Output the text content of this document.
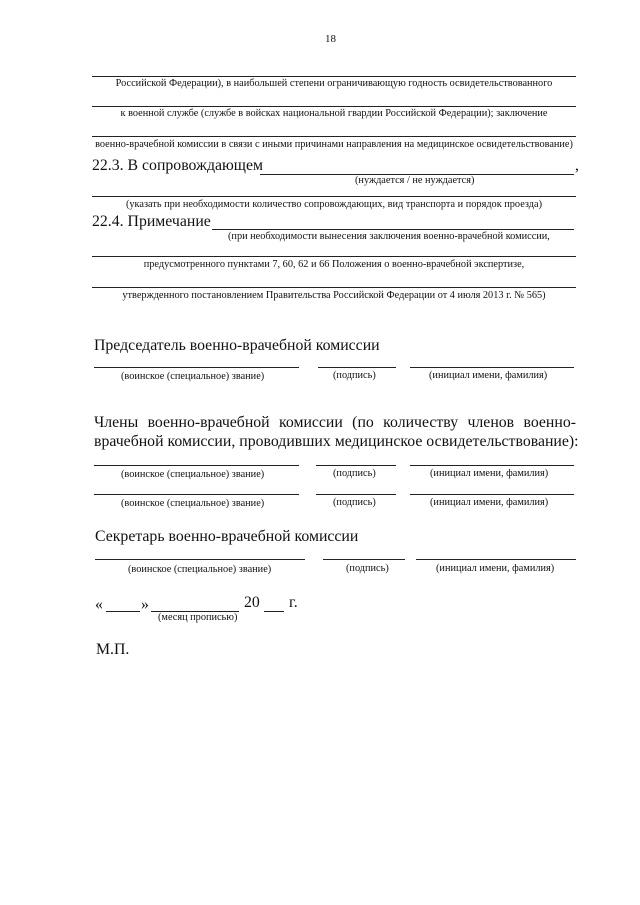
18
Российской Федерации), в наибольшей степени ограничивающую годность освидетельствованного
к военной службе (службе в войсках национальной гвардии Российской Федерации); заключение
военно-врачебной комиссии в связи с иными причинами направления на медицинское освидетельствование)
22.3. В сопровождающем	,
(нуждается / не нуждается)
(указать при необходимости количество сопровождающих, вид транспорта и порядок проезда)
22.4. Примечание
(при необходимости вынесения заключения военно-врачебной комиссии,
предусмотренного пунктами 7, 60, 62 и 66 Положения о военно-врачебной экспертизе,
утвержденного постановлением Правительства Российской Федерации от 4 июля 2013 г. № 565)
Председатель военно-врачебной комиссии
(воинское (специальное) звание)	(подпись)	(инициал имени, фамилия)
Члены военно-врачебной комиссии (по количеству членов военно-
врачебной комиссии, проводивших медицинское освидетельствование):
(воинское (специальное) звание)	(подпись)	(инициал имени, фамилия)
(воинское (специальное) звание)	(подпись)	(инициал имени, фамилия)
Секретарь военно-врачебной комиссии
(воинское (специальное) звание)	(подпись)	(инициал имени, фамилия)
« »	20 г.
(месяц прописью)
М.П.
